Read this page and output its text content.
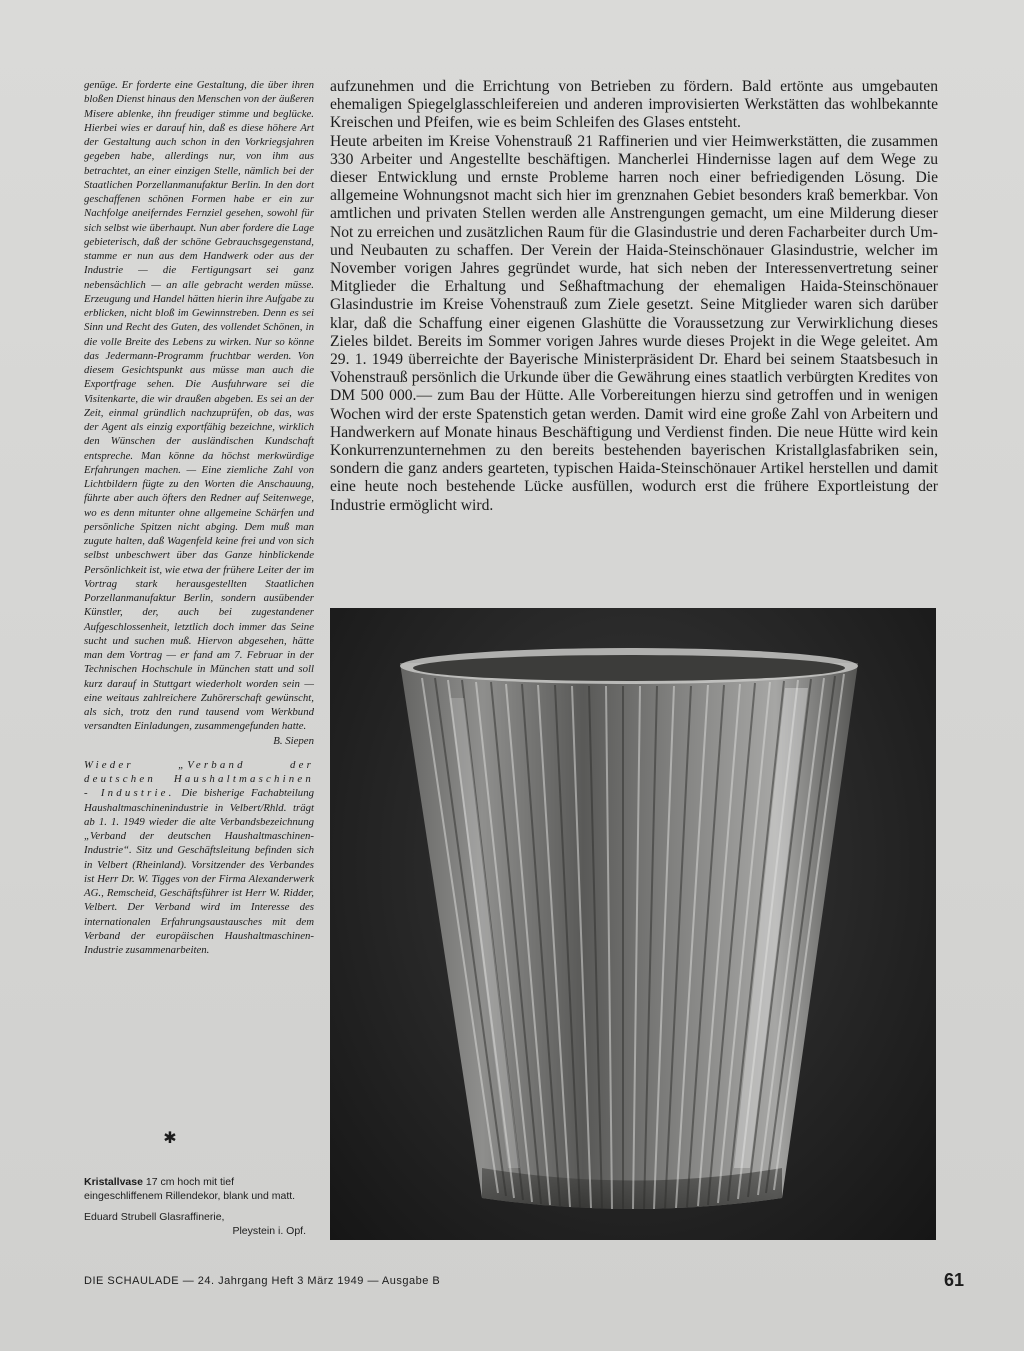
genüge. Er forderte eine Gestaltung, die über ihren bloßen Dienst hinaus den Menschen von der äußeren Misere ablenke, ihn freudiger stimme und beglücke. Hierbei wies er darauf hin, daß es diese höhere Art der Gestaltung auch schon in den Vorkriegsjahren gegeben habe, allerdings nur, von ihm aus betrachtet, an einer einzigen Stelle, nämlich bei der Staatlichen Porzellanmanufaktur Berlin. In den dort geschaffenen schönen Formen habe er ein zur Nachfolge aneiferndes Fernziel gesehen, sowohl für sich selbst wie überhaupt. Nun aber fordere die Lage gebieterisch, daß der schöne Gebrauchsgegenstand, stamme er nun aus dem Handwerk oder aus der Industrie — die Fertigungsart sei ganz nebensächlich — an alle gebracht werden müsse. Erzeugung und Handel hätten hierin ihre Aufgabe zu erblicken, nicht bloß im Gewinnstreben. Denn es sei Sinn und Recht des Guten, des vollendet Schönen, in die volle Breite des Lebens zu wirken. Nur so könne das Jedermann-Programm fruchtbar werden. Von diesem Gesichtspunkt aus müsse man auch die Exportfrage sehen. Die Ausfuhrware sei die Visitenkarte, die wir draußen abgeben. Es sei an der Zeit, einmal gründlich nachzuprüfen, ob das, was der Agent als einzig exportfähig bezeichne, wirklich den Wünschen der ausländischen Kundschaft entspreche. Man könne da höchst merkwürdige Erfahrungen machen. — Eine ziemliche Zahl von Lichtbildern fügte zu den Worten die Anschauung, führte aber auch öfters den Redner auf Seitenwege, wo es denn mitunter ohne allgemeine Schärfen und persönliche Spitzen nicht abging. Dem muß man zugute halten, daß Wagenfeld keine frei und von sich selbst unbeschwert über das Ganze hinblickende Persönlichkeit ist, wie etwa der frühere Leiter der im Vortrag stark herausgestellten Staatlichen Porzellanmanufaktur Berlin, sondern ausübender Künstler, der, auch bei zugestandener Aufgeschlossenheit, letztlich doch immer das Seine sucht und suchen muß. Hiervon abgesehen, hätte man dem Vortrag — er fand am 7. Februar in der Technischen Hochschule in München statt und soll kurz darauf in Stuttgart wiederholt worden sein — eine weitaus zahlreichere Zuhörerschaft gewünscht, als sich, trotz den rund tausend vom Werkbund versandten Einladungen, zusammengefunden hatte.

B. Siepen

Wieder „Verband der deutschen Haushaltmaschinen - Industrie. Die bisherige Fachabteilung Haushaltmaschinenindustrie in Velbert/Rhld. trägt ab 1. 1. 1949 wieder die alte Verbandsbezeichnung „Verband der deutschen Haushaltmaschinen-Industrie“. Sitz und Geschäftsleitung befinden sich in Velbert (Rheinland). Vorsitzender des Verbandes ist Herr Dr. W. Tigges von der Firma Alexanderwerk AG., Remscheid, Geschäftsführer ist Herr W. Ridder, Velbert. Der Verband wird im Interesse des internationalen Erfahrungsaustausches mit dem Verband der europäischen Haushaltmaschinen-Industrie zusammenarbeiten.

✱

Kristallvase 17 cm hoch mit tief eingeschliffenem Rillendekor, blank und matt.

Eduard Strubell Glasraffinerie,

Pleystein i. Opf.

aufzunehmen und die Errichtung von Betrieben zu fördern. Bald ertönte aus umgebauten ehemaligen Spiegelglasschleifereien und anderen improvisierten Werkstätten das wohlbekannte Kreischen und Pfeifen, wie es beim Schleifen des Glases entsteht.

Heute arbeiten im Kreise Vohenstrauß 21 Raffinerien und vier Heimwerkstätten, die zusammen 330 Arbeiter und Angestellte beschäftigen. Mancherlei Hindernisse lagen auf dem Wege zu dieser Entwicklung und ernste Probleme harren noch einer befriedigenden Lösung. Die allgemeine Wohnungsnot macht sich hier im grenznahen Gebiet besonders kraß bemerkbar. Von amtlichen und privaten Stellen werden alle Anstrengungen gemacht, um eine Milderung dieser Not zu erreichen und zusätzlichen Raum für die Glasindustrie und deren Facharbeiter durch Um- und Neubauten zu schaffen. Der Verein der Haida-Steinschönauer Glasindustrie, welcher im November vorigen Jahres gegründet wurde, hat sich neben der Interessenvertretung seiner Mitglieder die Erhaltung und Seßhaftmachung der ehemaligen Haida-Steinschönauer Glasindustrie im Kreise Vohenstrauß zum Ziele gesetzt. Seine Mitglieder waren sich darüber klar, daß die Schaffung einer eigenen Glashütte die Voraussetzung zur Verwirklichung dieses Zieles bildet. Bereits im Sommer vorigen Jahres wurde dieses Projekt in die Wege geleitet. Am 29. 1. 1949 überreichte der Bayerische Ministerpräsident Dr. Ehard bei seinem Staatsbesuch in Vohenstrauß persönlich die Urkunde über die Gewährung eines staatlich verbürgten Kredites von DM 500 000.— zum Bau der Hütte. Alle Vorbereitungen hierzu sind getroffen und in wenigen Wochen wird der erste Spatenstich getan werden. Damit wird eine große Zahl von Arbeitern und Handwerkern auf Monate hinaus Beschäftigung und Verdienst finden. Die neue Hütte wird kein Konkurrenzunternehmen zu den bereits bestehenden bayerischen Kristallglasfabriken sein, sondern die ganz anders gearteten, typischen Haida-Steinschönauer Artikel herstellen und damit eine heute noch bestehende Lücke ausfüllen, wodurch erst die frühere Exportleistung der Industrie ermöglicht wird.

DIE SCHAULADE — 24. Jahrgang Heft 3 März 1949 — Ausgabe B	61
